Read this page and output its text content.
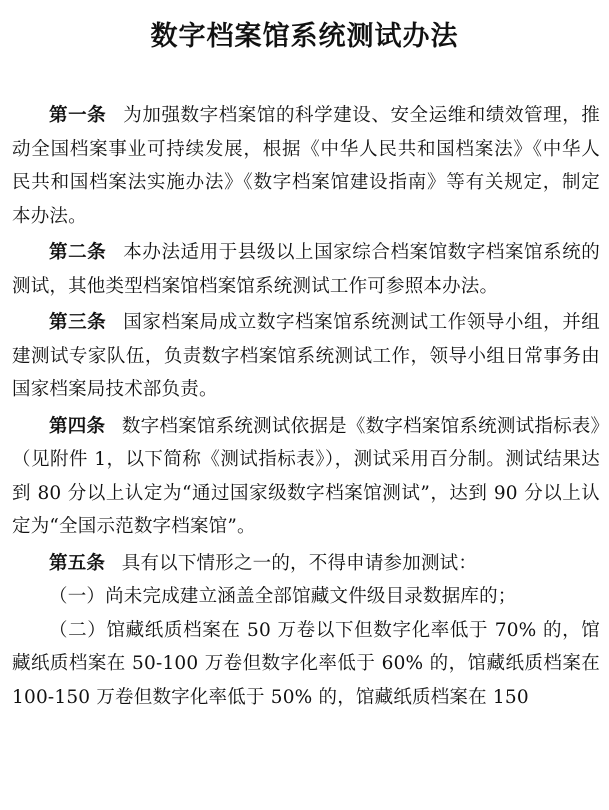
数字档案馆系统测试办法

第一条 为加强数字档案馆的科学建设、安全运维和绩效管理，推动全国档案事业可持续发展，根据《中华人民共和国档案法》《中华人民共和国档案法实施办法》《数字档案馆建设指南》等有关规定，制定本办法。

第二条 本办法适用于县级以上国家综合档案馆数字档案馆系统的测试，其他类型档案馆档案馆系统测试工作可参照本办法。

第三条 国家档案局成立数字档案馆系统测试工作领导小组，并组建测试专家队伍，负责数字档案馆系统测试工作，领导小组日常事务由国家档案局技术部负责。

第四条 数字档案馆系统测试依据是《数字档案馆系统测试指标表》（见附件 1，以下简称《测试指标表》），测试采用百分制。测试结果达到 80 分以上认定为“通过国家级数字档案馆测试”，达到 90 分以上认定为“全国示范数字档案馆”。

第五条 具有以下情形之一的，不得申请参加测试：

（一）尚未完成建立涵盖全部馆藏文件级目录数据库的；

（二）馆藏纸质档案在 50 万卷以下但数字化率低于 70% 的，馆藏纸质档案在 50-100 万卷但数字化率低于 60% 的，馆藏纸质档案在 100-150 万卷但数字化率低于 50% 的，馆藏纸质档案在 150
